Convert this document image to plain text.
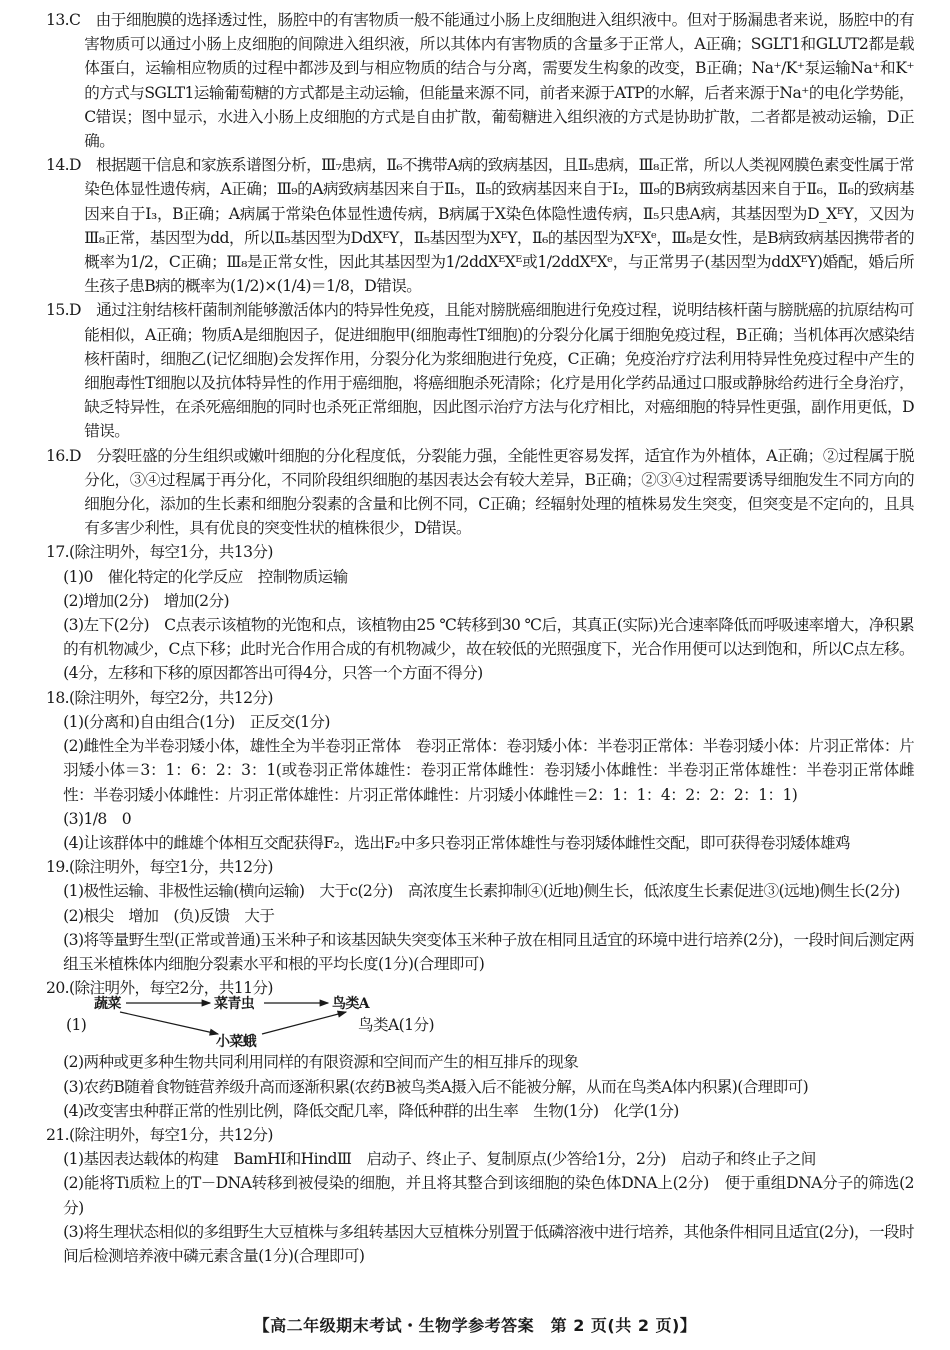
13.C　由于细胞膜的选择透过性，肠腔中的有害物质一般不能通过小肠上皮细胞进入组织液中。但对于肠漏患者来说，肠腔中的有害物质可以通过小肠上皮细胞的间隙进入组织液，所以其体内有害物质的含量多于正常人，A正确；SGLT1和GLUT2都是载体蛋白，运输相应物质的过程中都涉及到与相应物质的结合与分离，需要发生构象的改变，B正确；Na⁺/K⁺泵运输Na⁺和K⁺的方式与SGLT1运输葡萄糖的方式都是主动运输，但能量来源不同，前者来源于ATP的水解，后者来源于Na⁺的电化学势能，C错误；图中显示，水进入小肠上皮细胞的方式是自由扩散，葡萄糖进入组织液的方式是协助扩散，二者都是被动运输，D正确。

14.D　根据题干信息和家族系谱图分析，Ⅲ₇患病，Ⅱ₆不携带A病的致病基因，且Ⅱ₅患病，Ⅲ₈正常，所以人类视网膜色素变性属于常染色体显性遗传病，A正确；Ⅲ₉的A病致病基因来自于Ⅱ₅，Ⅱ₅的致病基因来自于Ⅰ₂，Ⅲ₉的B病致病基因来自于Ⅱ₆，Ⅱ₆的致病基因来自于Ⅰ₃，B正确；A病属于常染色体显性遗传病，B病属于X染色体隐性遗传病，Ⅱ₅只患A病，其基因型为D_XᴱY，又因为Ⅲ₈正常，基因型为dd，所以Ⅱ₅基因型为DdXᴱY，Ⅱ₅基因型为XᴱY，Ⅱ₆的基因型为XᴱXᵉ，Ⅲ₈是女性，是B病致病基因携带者的概率为1/2，C正确；Ⅲ₈是正常女性，因此其基因型为1/2ddXᴱXᴱ或1/2ddXᴱXᵉ，与正常男子(基因型为ddXᴱY)婚配，婚后所生孩子患B病的概率为(1/2)×(1/4)＝1/8，D错误。

15.D　通过注射结核杆菌制剂能够激活体内的特异性免疫，且能对膀胱癌细胞进行免疫过程，说明结核杆菌与膀胱癌的抗原结构可能相似，A正确；物质A是细胞因子，促进细胞甲(细胞毒性T细胞)的分裂分化属于细胞免疫过程，B正确；当机体再次感染结核杆菌时，细胞乙(记忆细胞)会发挥作用，分裂分化为浆细胞进行免疫，C正确；免疫治疗疗法利用特异性免疫过程中产生的细胞毒性T细胞以及抗体特异性的作用于癌细胞，将癌细胞杀死清除；化疗是用化学药品通过口服或静脉给药进行全身治疗，缺乏特异性，在杀死癌细胞的同时也杀死正常细胞，因此图示治疗方法与化疗相比，对癌细胞的特异性更强，副作用更低，D错误。

16.D　分裂旺盛的分生组织或嫩叶细胞的分化程度低，分裂能力强，全能性更容易发挥，适宜作为外植体，A正确；②过程属于脱分化，③④过程属于再分化，不同阶段组织细胞的基因表达会有较大差异，B正确；②③④过程需要诱导细胞发生不同方向的细胞分化，添加的生长素和细胞分裂素的含量和比例不同，C正确；经辐射处理的植株易发生突变，但突变是不定向的，且具有多害少利性，具有优良的突变性状的植株很少，D错误。

17.(除注明外，每空1分，共13分)

(1)0　催化特定的化学反应　控制物质运输

(2)增加(2分)　增加(2分)

(3)左下(2分)　C点表示该植物的光饱和点，该植物由25 ℃转移到30 ℃后，其真正(实际)光合速率降低而呼吸速率增大，净积累的有机物减少，C点下移；此时光合作用合成的有机物减少，故在较低的光照强度下，光合作用便可以达到饱和，所以C点左移。(4分，左移和下移的原因都答出可得4分，只答一个方面不得分)

18.(除注明外，每空2分，共12分)

(1)(分离和)自由组合(1分)　正反交(1分)

(2)雌性全为半卷羽矮小体，雄性全为半卷羽正常体　卷羽正常体：卷羽矮小体：半卷羽正常体：半卷羽矮小体：片羽正常体：片羽矮小体＝3：1：6：2：3：1(或卷羽正常体雄性：卷羽正常体雌性：卷羽矮小体雌性：半卷羽正常体雄性：半卷羽正常体雌性：半卷羽矮小体雌性：片羽正常体雄性：片羽正常体雌性：片羽矮小体雌性＝2：1：1：4：2：2：2：1：1)

(3)1/8　0

(4)让该群体中的雌雄个体相互交配获得F₂，选出F₂中多只卷羽正常体雄性与卷羽矮体雌性交配，即可获得卷羽矮体雄鸡

19.(除注明外，每空1分，共12分)

(1)极性运输、非极性运输(横向运输)　大于c(2分)　高浓度生长素抑制④(近地)侧生长，低浓度生长素促进③(远地)侧生长(2分)

(2)根尖　增加　(负)反馈　大于

(3)将等量野生型(正常或普通)玉米种子和该基因缺失突变体玉米种子放在相同且适宜的环境中进行培养(2分)，一段时间后测定两组玉米植株体内细胞分裂素水平和根的平均长度(1分)(合理即可)

20.(除注明外，每空2分，共11分)

(1)
蔬菜	菜青虫	鸟类A
小菜蛾
鸟类A(1分)

(2)两种或更多种生物共同利用同样的有限资源和空间而产生的相互排斥的现象

(3)农药B随着食物链营养级升高而逐渐积累(农药B被鸟类A摄入后不能被分解，从而在鸟类A体内积累)(合理即可)

(4)改变害虫种群正常的性别比例，降低交配几率，降低种群的出生率　生物(1分)　化学(1分)

21.(除注明外，每空1分，共12分)

(1)基因表达载体的构建　BamHⅠ和HindⅢ　启动子、终止子、复制原点(少答给1分，2分)　启动子和终止子之间

(2)能将Ti质粒上的T－DNA转移到被侵染的细胞，并且将其整合到该细胞的染色体DNA上(2分)　便于重组DNA分子的筛选(2分)

(3)将生理状态相似的多组野生大豆植株与多组转基因大豆植株分别置于低磷溶液中进行培养，其他条件相同且适宜(2分)，一段时间后检测培养液中磷元素含量(1分)(合理即可)

【高二年级期末考试・生物学参考答案　第 2 页(共 2 页)】
